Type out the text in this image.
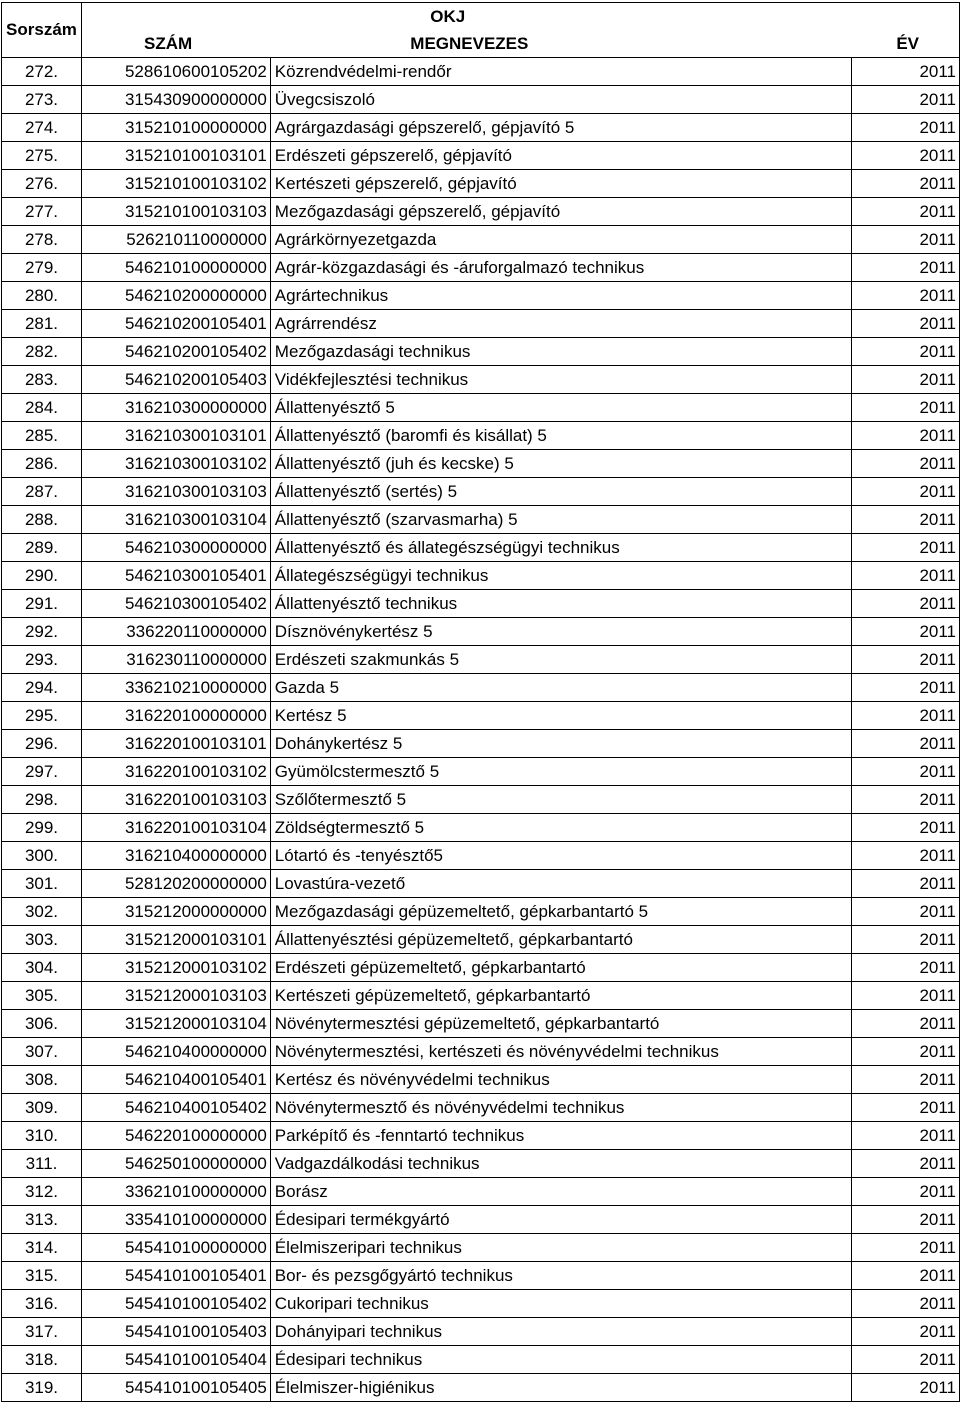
Sorszám		OKJ	
	SZÁM	MEGNEVEZES	ÉV
272.	528610600105202	Közrendvédelmi-rendőr	2011
273.	315430900000000	Üvegcsiszoló	2011
274.	315210100000000	Agrárgazdasági gépszerelő, gépjavító 5	2011
275.	315210100103101	Erdészeti gépszerelő, gépjavító	2011
276.	315210100103102	Kertészeti gépszerelő, gépjavító	2011
277.	315210100103103	Mezőgazdasági gépszerelő, gépjavító	2011
278.	526210110000000	Agrárkörnyezetgazda	2011
279.	546210100000000	Agrár-közgazdasági és -áruforgalmazó technikus	2011
280.	546210200000000	Agrártechnikus	2011
281.	546210200105401	Agrárrendész	2011
282.	546210200105402	Mezőgazdasági technikus	2011
283.	546210200105403	Vidékfejlesztési technikus	2011
284.	316210300000000	Állattenyésztő 5	2011
285.	316210300103101	Állattenyésztő (baromfi és kisállat) 5	2011
286.	316210300103102	Állattenyésztő (juh és kecske) 5	2011
287.	316210300103103	Állattenyésztő (sertés) 5	2011
288.	316210300103104	Állattenyésztő (szarvasmarha) 5	2011
289.	546210300000000	Állattenyésztő és állategészségügyi technikus	2011
290.	546210300105401	Állategészségügyi technikus	2011
291.	546210300105402	Állattenyésztő technikus	2011
292.	336220110000000	Dísznövénykertész 5	2011
293.	316230110000000	Erdészeti szakmunkás 5	2011
294.	336210210000000	Gazda 5	2011
295.	316220100000000	Kertész 5	2011
296.	316220100103101	Dohánykertész 5	2011
297.	316220100103102	Gyümölcstermesztő 5	2011
298.	316220100103103	Szőlőtermesztő 5	2011
299.	316220100103104	Zöldségtermesztő 5	2011
300.	316210400000000	Lótartó és -tenyésztő5	2011
301.	528120200000000	Lovastúra-vezető	2011
302.	315212000000000	Mezőgazdasági gépüzemeltető, gépkarbantartó 5	2011
303.	315212000103101	Állattenyésztési gépüzemeltető, gépkarbantartó	2011
304.	315212000103102	Erdészeti gépüzemeltető, gépkarbantartó	2011
305.	315212000103103	Kertészeti gépüzemeltető, gépkarbantartó	2011
306.	315212000103104	Növénytermesztési gépüzemeltető, gépkarbantartó	2011
307.	546210400000000	Növénytermesztési, kertészeti és növényvédelmi technikus	2011
308.	546210400105401	Kertész és növényvédelmi technikus	2011
309.	546210400105402	Növénytermesztő és növényvédelmi technikus	2011
310.	546220100000000	Parképítő és -fenntartó technikus	2011
311.	546250100000000	Vadgazdálkodási technikus	2011
312.	336210100000000	Borász	2011
313.	335410100000000	Édesipari termékgyártó	2011
314.	545410100000000	Élelmiszeripari technikus	2011
315.	545410100105401	Bor- és pezsgőgyártó technikus	2011
316.	545410100105402	Cukoripari technikus	2011
317.	545410100105403	Dohányipari technikus	2011
318.	545410100105404	Édesipari technikus	2011
319.	545410100105405	Élelmiszer-higiénikus	2011
